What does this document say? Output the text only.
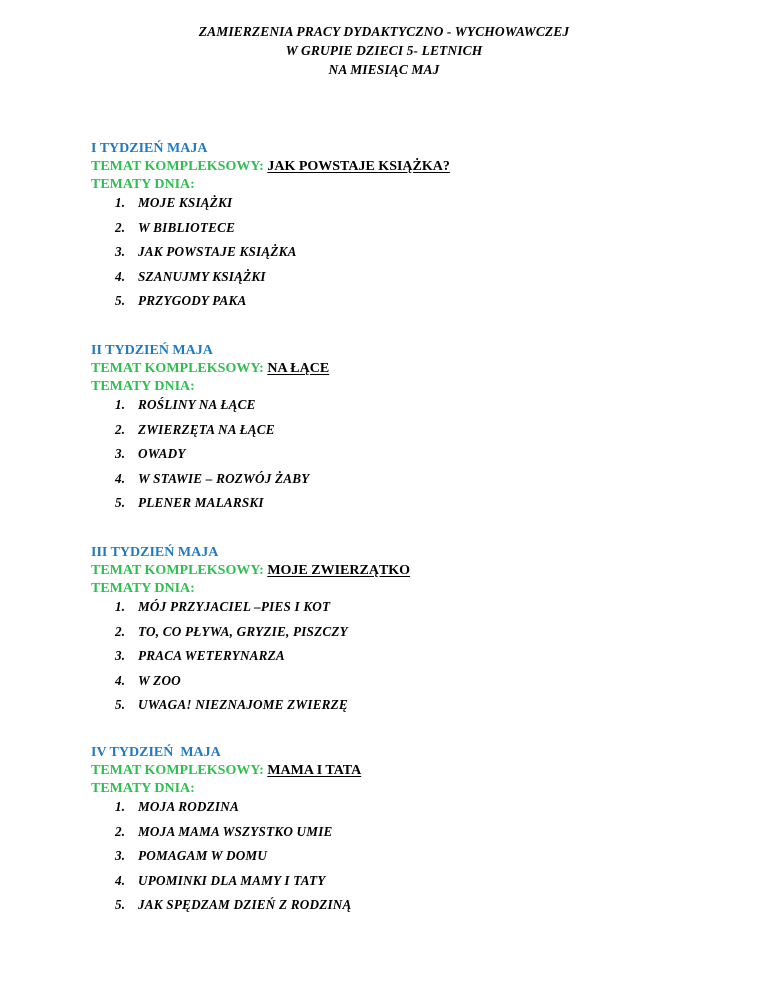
ZAMIERZENIA PRACY DYDAKTYCZNO - WYCHOWAWCZEJ
W GRUPIE DZIECI 5- LETNICH
NA MIESIĄC MAJ
I TYDZIEŃ MAJA
TEMAT KOMPLEKSOWY: JAK POWSTAJE KSIĄŻKA?
TEMATY DNIA:
1. MOJE KSIĄŻKI
2. W BIBLIOTECE
3. JAK POWSTAJE KSIĄŻKA
4. SZANUJMY KSIĄŻKI
5. PRZYGODY PAKA
II TYDZIEŃ MAJA
TEMAT KOMPLEKSOWY: NA ŁĄCE
TEMATY DNIA:
1. ROŚLINY NA ŁĄCE
2. ZWIERZĘTA NA ŁĄCE
3. OWADY
4. W STAWIE – ROZWÓJ ŻABY
5. PLENER MALARSKI
III TYDZIEŃ MAJA
TEMAT KOMPLEKSOWY: MOJE ZWIERZĄTKO
TEMATY DNIA:
1. MÓJ PRZYJACIEL –PIES I KOT
2. TO, CO PŁYWA, GRYZIE, PISZCZY
3. PRACA WETERYNARZA
4. W ZOO
5. UWAGA! NIEZNAJOME ZWIERZĘ
IV TYDZIEŃ  MAJA
TEMAT KOMPLEKSOWY: MAMA I TATA
TEMATY DNIA:
1. MOJA RODZINA
2. MOJA MAMA WSZYSTKO UMIE
3. POMAGAM W DOMU
4. UPOMINKI DLA MAMY I TATY
5. JAK SPĘDZAM DZIEŃ Z RODZINĄ
